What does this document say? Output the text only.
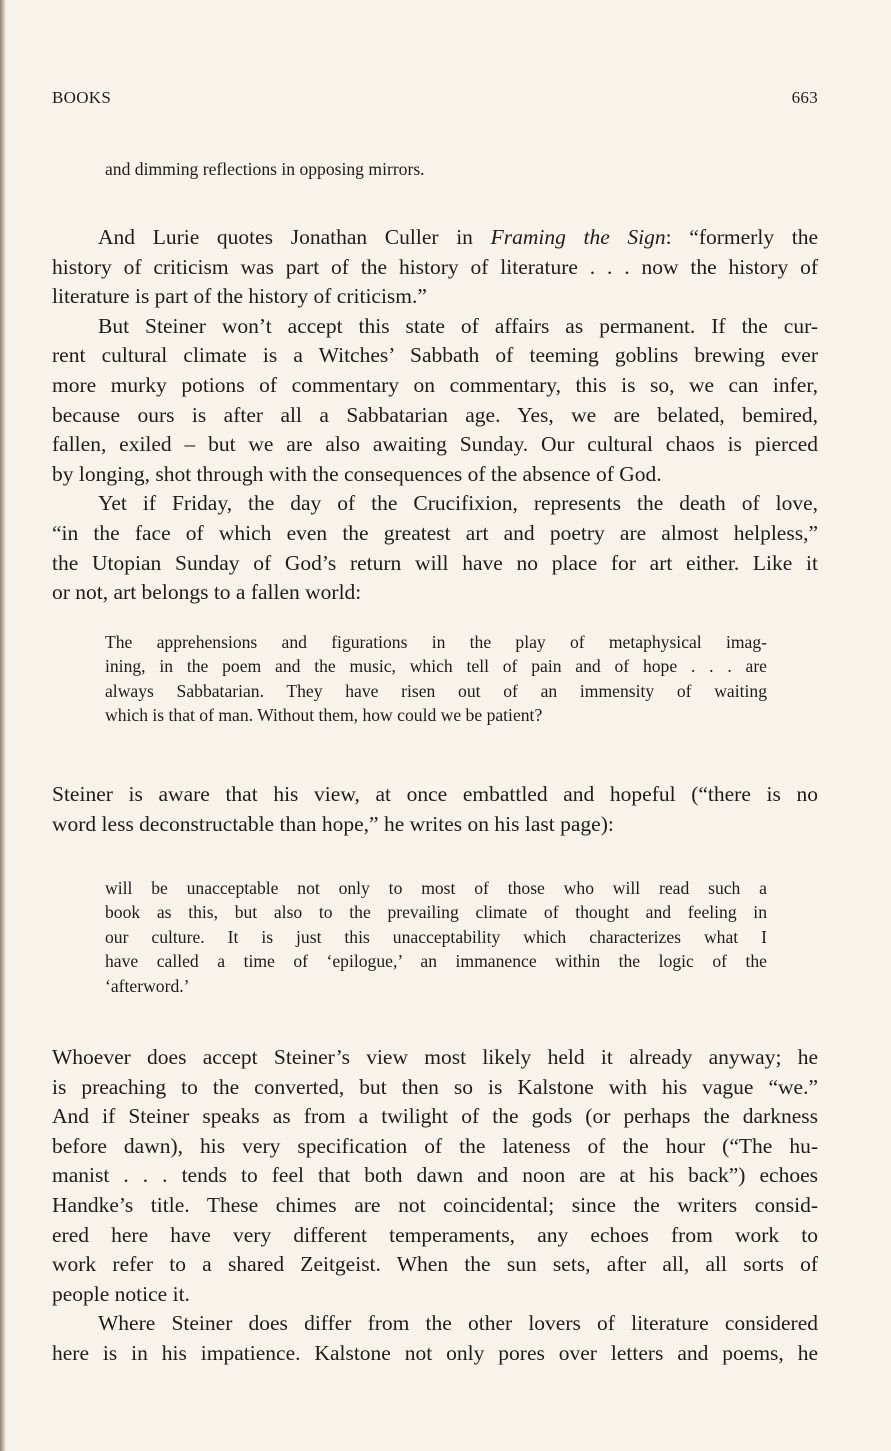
BOOKS	663
and dimming reflections in opposing mirrors.
And Lurie quotes Jonathan Culler in Framing the Sign: “formerly the
history of criticism was part of the history of literature . . . now the history of
literature is part of the history of criticism.”
But Steiner won’t accept this state of affairs as permanent. If the cur-
rent cultural climate is a Witches’ Sabbath of teeming goblins brewing ever
more murky potions of commentary on commentary, this is so, we can infer,
because ours is after all a Sabbatarian age. Yes, we are belated, bemired,
fallen, exiled – but we are also awaiting Sunday. Our cultural chaos is pierced
by longing, shot through with the consequences of the absence of God.
Yet if Friday, the day of the Crucifixion, represents the death of love,
“in the face of which even the greatest art and poetry are almost helpless,”
the Utopian Sunday of God’s return will have no place for art either. Like it
or not, art belongs to a fallen world:
The apprehensions and figurations in the play of metaphysical imag-
ining, in the poem and the music, which tell of pain and of hope . . . are
always Sabbatarian. They have risen out of an immensity of waiting
which is that of man. Without them, how could we be patient?
Steiner is aware that his view, at once embattled and hopeful (“there is no
word less deconstructable than hope,” he writes on his last page):
will be unacceptable not only to most of those who will read such a
book as this, but also to the prevailing climate of thought and feeling in
our culture. It is just this unacceptability which characterizes what I
have called a time of ‘epilogue,’ an immanence within the logic of the
‘afterword.’
Whoever does accept Steiner’s view most likely held it already anyway; he
is preaching to the converted, but then so is Kalstone with his vague “we.”
And if Steiner speaks as from a twilight of the gods (or perhaps the darkness
before dawn), his very specification of the lateness of the hour (“The hu-
manist . . . tends to feel that both dawn and noon are at his back”) echoes
Handke’s title. These chimes are not coincidental; since the writers consid-
ered here have very different temperaments, any echoes from work to
work refer to a shared Zeitgeist. When the sun sets, after all, all sorts of
people notice it.
Where Steiner does differ from the other lovers of literature considered
here is in his impatience. Kalstone not only pores over letters and poems, he
